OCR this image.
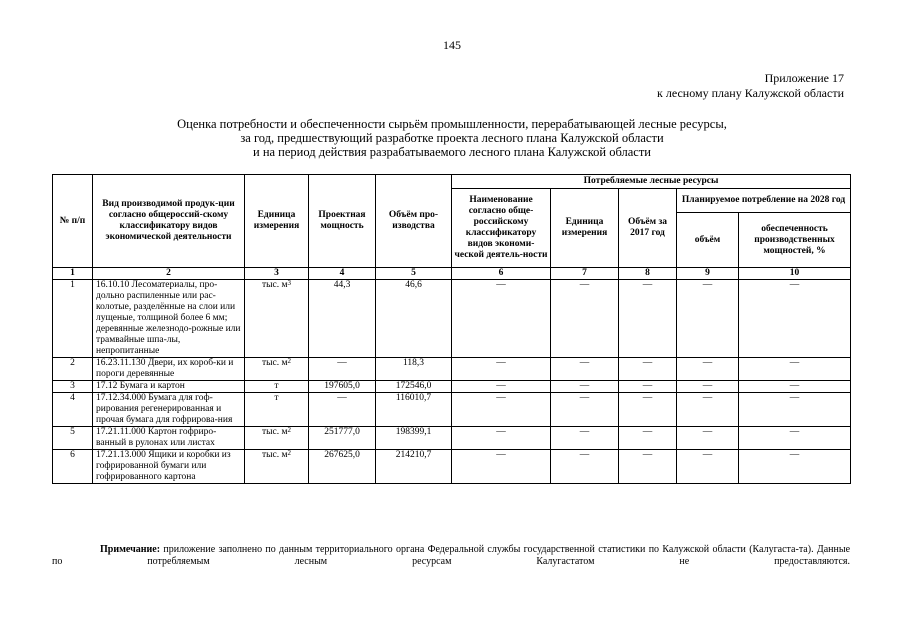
145
Приложение 17
к лесному плану Калужской области
Оценка потребности и обеспеченности сырьём промышленности, перерабатывающей лесные ресурсы,
за год, предшествующий разработке проекта лесного плана Калужской области
и на период действия разрабатываемого лесного плана Калужской области
№ п/п	Вид производимой продук-ции согласно общероссий-скому классификатору видов экономической деятельности	Единица измерения	Проектная мощность	Объём про-изводства	Потребляемые лесные ресурсы				
					Наименование согласно обще-российскому классификатору видов экономи-ческой деятель-ности	Единица измерения	Объём за 2017 год	Планируемое потребление на 2028 год	
								объём	обеспеченность производственных мощностей, %
1	2	3	4	5	6	7	8	9	10
1	16.10.10 Лесоматериалы, про-дольно распиленные или рас-колотые, разделённые на слои или лущеные, толщиной более 6 мм; деревянные железнодо-рожные или трамвайные шпа-лы, непропитанные	тыс. $м^3$	44,3	46,6	—	—	—	—	—
2	16.23.11.130 Двери, их короб-ки и пороги деревянные	тыс. $м^2$	—	118,3	—	—	—	—	—
3	17.12 Бумага и картон	т	197605,0	172546,0	—	—	—	—	—
4	17.12.34.000 Бумага для гоф-рирования регенерированная и прочая бумага для гофрирова-ния	т	—	116010,7	—	—	—	—	—
5	17.21.11.000 Картон гофриро-ванный в рулонах или листах	тыс. $м^2$	251777,0	198399,1	—	—	—	—	—
6	17.21.13.000 Ящики и коробки из гофрированной бумаги или гофрированного картона	тыс. $м^2$	267625,0	214210,7	—	—	—	—	—
Примечание: приложение заполнено по данным территориального органа Федеральной службы государственной статистики по Калужской области (Калугаста-та). Данные по потребляемым лесным ресурсам Калугастатом не предоставляются.
